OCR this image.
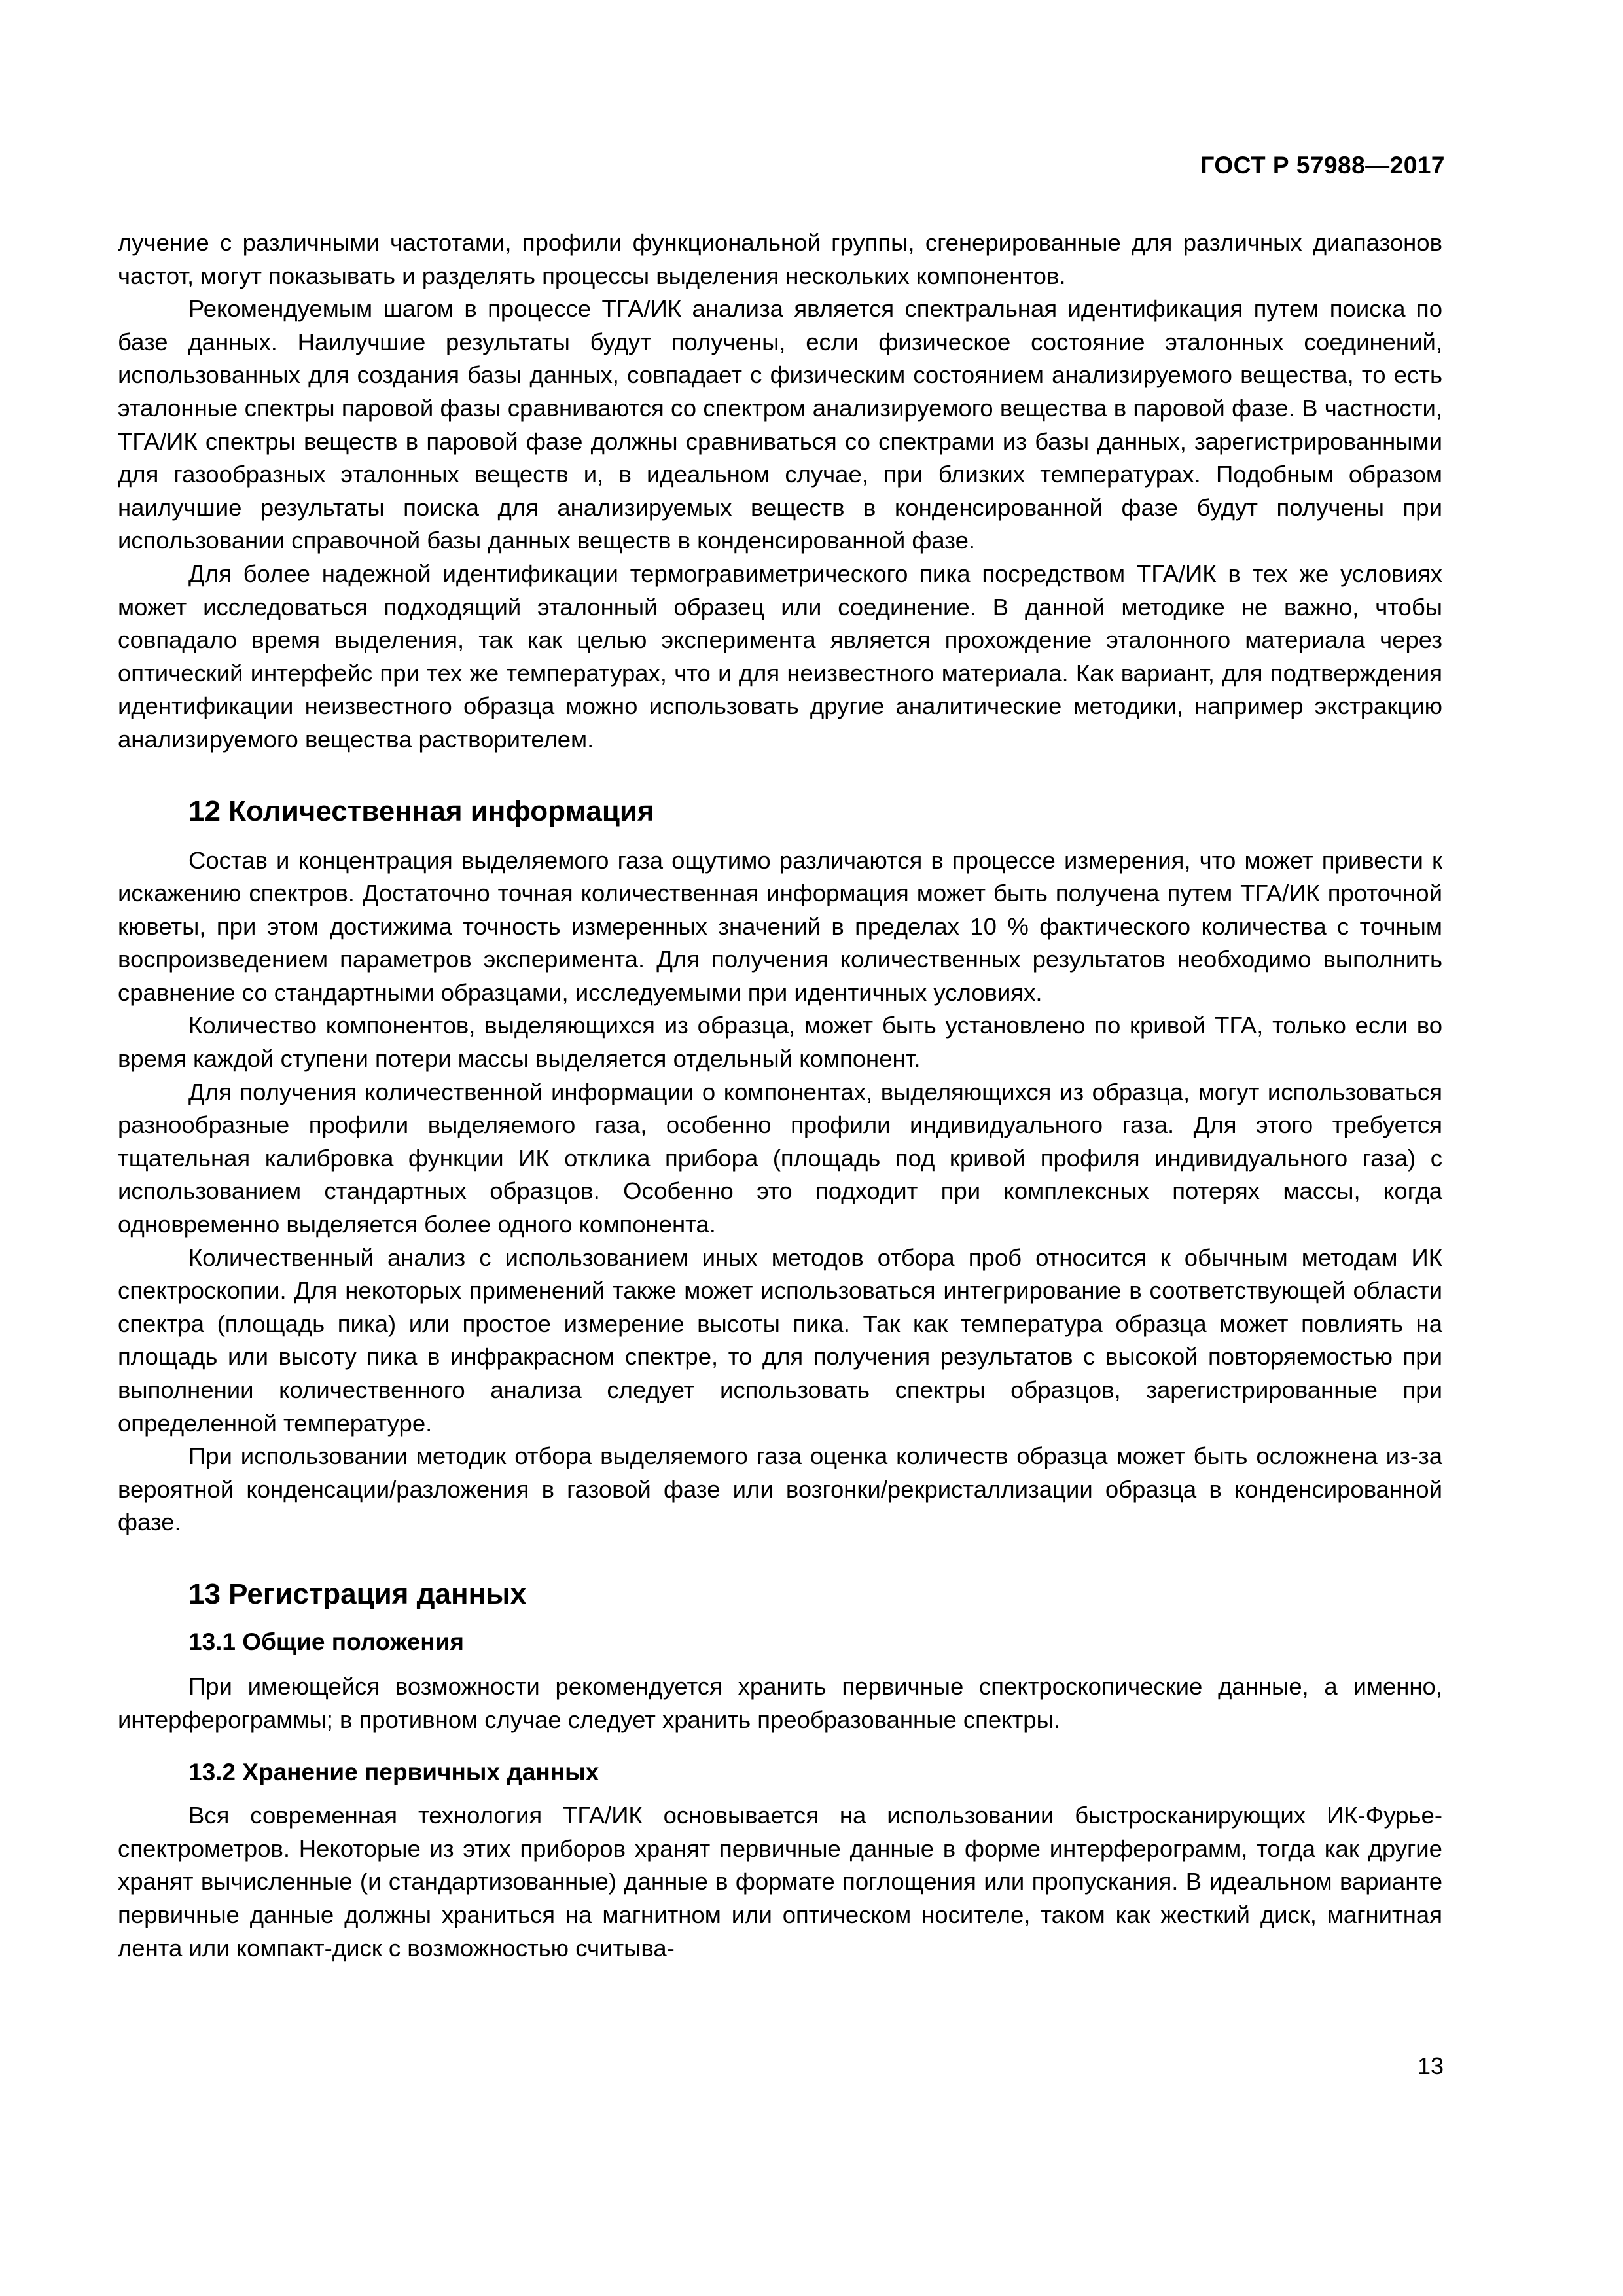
ГОСТ Р 57988—2017

лучение с различными частотами, профили функциональной группы, сгенерированные для различных диапазонов частот, могут показывать и разделять процессы выделения нескольких компонентов.

Рекомендуемым шагом в процессе ТГА/ИК анализа является спектральная идентификация путем поиска по базе данных. Наилучшие результаты будут получены, если физическое состояние эталонных соединений, использованных для создания базы данных, совпадает с физическим состоянием анализируемого вещества, то есть эталонные спектры паровой фазы сравниваются со спектром анализируемого вещества в паровой фазе. В частности, ТГА/ИК спектры веществ в паровой фазе должны сравниваться со спектрами из базы данных, зарегистрированными для газообразных эталонных веществ и, в идеальном случае, при близких температурах. Подобным образом наилучшие результаты поиска для анализируемых веществ в конденсированной фазе будут получены при использовании справочной базы данных веществ в конденсированной фазе.

Для более надежной идентификации термогравиметрического пика посредством ТГА/ИК в тех же условиях может исследоваться подходящий эталонный образец или соединение. В данной методике не важно, чтобы совпадало время выделения, так как целью эксперимента является прохождение эталонного материала через оптический интерфейс при тех же температурах, что и для неизвестного материала. Как вариант, для подтверждения идентификации неизвестного образца можно использовать другие аналитические методики, например экстракцию анализируемого вещества растворителем.

12 Количественная информация

Состав и концентрация выделяемого газа ощутимо различаются в процессе измерения, что может привести к искажению спектров. Достаточно точная количественная информация может быть получена путем ТГА/ИК проточной кюветы, при этом достижима точность измеренных значений в пределах 10 % фактического количества с точным воспроизведением параметров эксперимента. Для получения количественных результатов необходимо выполнить сравнение со стандартными образцами, исследуемыми при идентичных условиях.

Количество компонентов, выделяющихся из образца, может быть установлено по кривой ТГА, только если во время каждой ступени потери массы выделяется отдельный компонент.

Для получения количественной информации о компонентах, выделяющихся из образца, могут использоваться разнообразные профили выделяемого газа, особенно профили индивидуального газа. Для этого требуется тщательная калибровка функции ИК отклика прибора (площадь под кривой профиля индивидуального газа) с использованием стандартных образцов. Особенно это подходит при комплексных потерях массы, когда одновременно выделяется более одного компонента.

Количественный анализ с использованием иных методов отбора проб относится к обычным методам ИК спектроскопии. Для некоторых применений также может использоваться интегрирование в соответствующей области спектра (площадь пика) или простое измерение высоты пика. Так как температура образца может повлиять на площадь или высоту пика в инфракрасном спектре, то для получения результатов с высокой повторяемостью при выполнении количественного анализа следует использовать спектры образцов, зарегистрированные при определенной температуре.

При использовании методик отбора выделяемого газа оценка количеств образца может быть осложнена из-за вероятной конденсации/разложения в газовой фазе или возгонки/рекристаллизации образца в конденсированной фазе.

13 Регистрация данных
13.1 Общие положения

При имеющейся возможности рекомендуется хранить первичные спектроскопические данные, а именно, интерферограммы; в противном случае следует хранить преобразованные спектры.

13.2 Хранение первичных данных

Вся современная технология ТГА/ИК основывается на использовании быстросканирующих ИК-Фурье-спектрометров. Некоторые из этих приборов хранят первичные данные в форме интерферограмм, тогда как другие хранят вычисленные (и стандартизованные) данные в формате поглощения или пропускания. В идеальном варианте первичные данные должны храниться на магнитном или оптическом носителе, таком как жесткий диск, магнитная лента или компакт-диск с возможностью считыва-

13
